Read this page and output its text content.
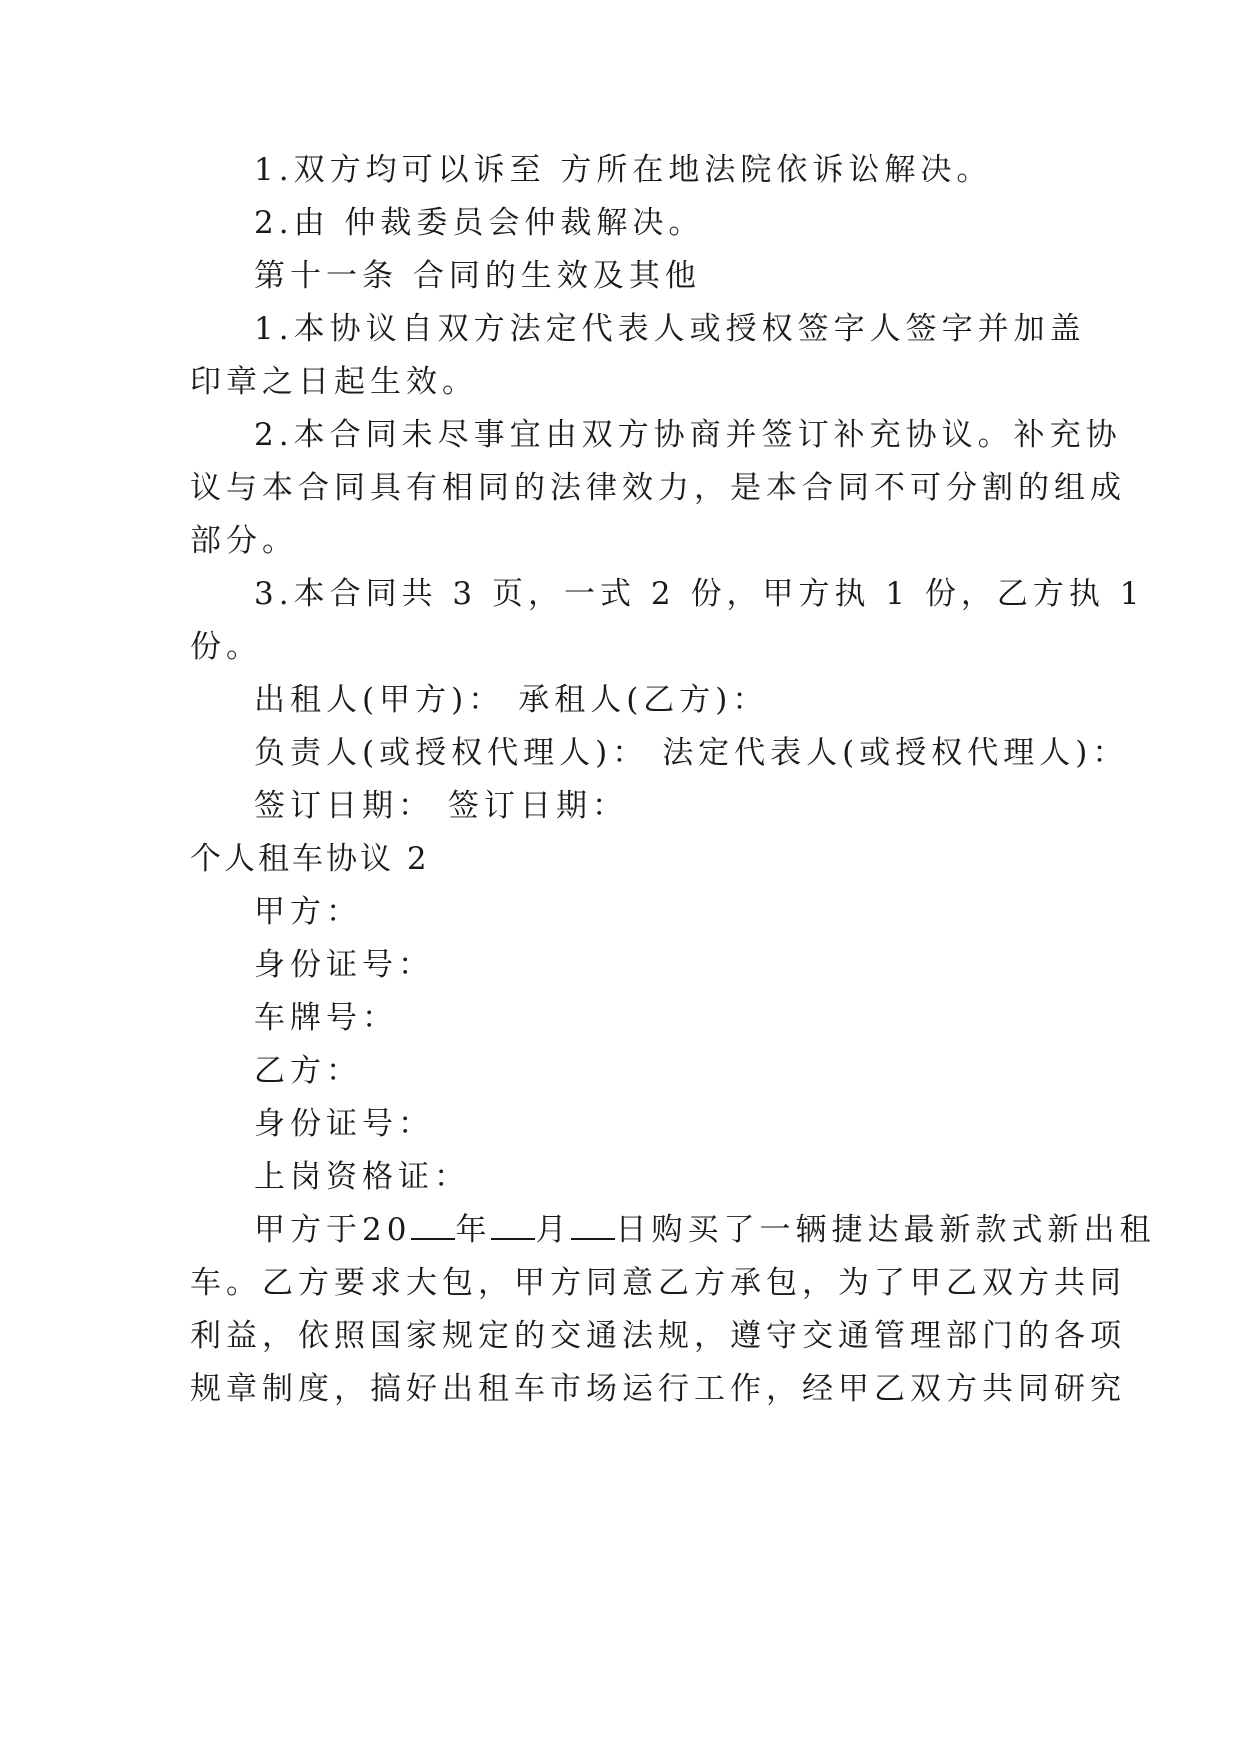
1.双方均可以诉至 方所在地法院依诉讼解决。
2.由 仲裁委员会仲裁解决。
第十一条 合同的生效及其他
1.本协议自双方法定代表人或授权签字人签字并加盖
印章之日起生效。
2.本合同未尽事宜由双方协商并签订补充协议。补充协
议与本合同具有相同的法律效力，是本合同不可分割的组成
部分。
3.本合同共 3 页，一式 2 份，甲方执 1 份，乙方执 1
份。
出租人(甲方)： 承租人(乙方)：
负责人(或授权代理人)： 法定代表人(或授权代理人)：
签订日期： 签订日期：
个人租车协议 2
甲方：
身份证号：
车牌号：
乙方：
身份证号：
上岗资格证：
甲方于20 年 月 日购买了一辆捷达最新款式新出租
车。乙方要求大包，甲方同意乙方承包，为了甲乙双方共同
利益，依照国家规定的交通法规，遵守交通管理部门的各项
规章制度，搞好出租车市场运行工作，经甲乙双方共同研究
